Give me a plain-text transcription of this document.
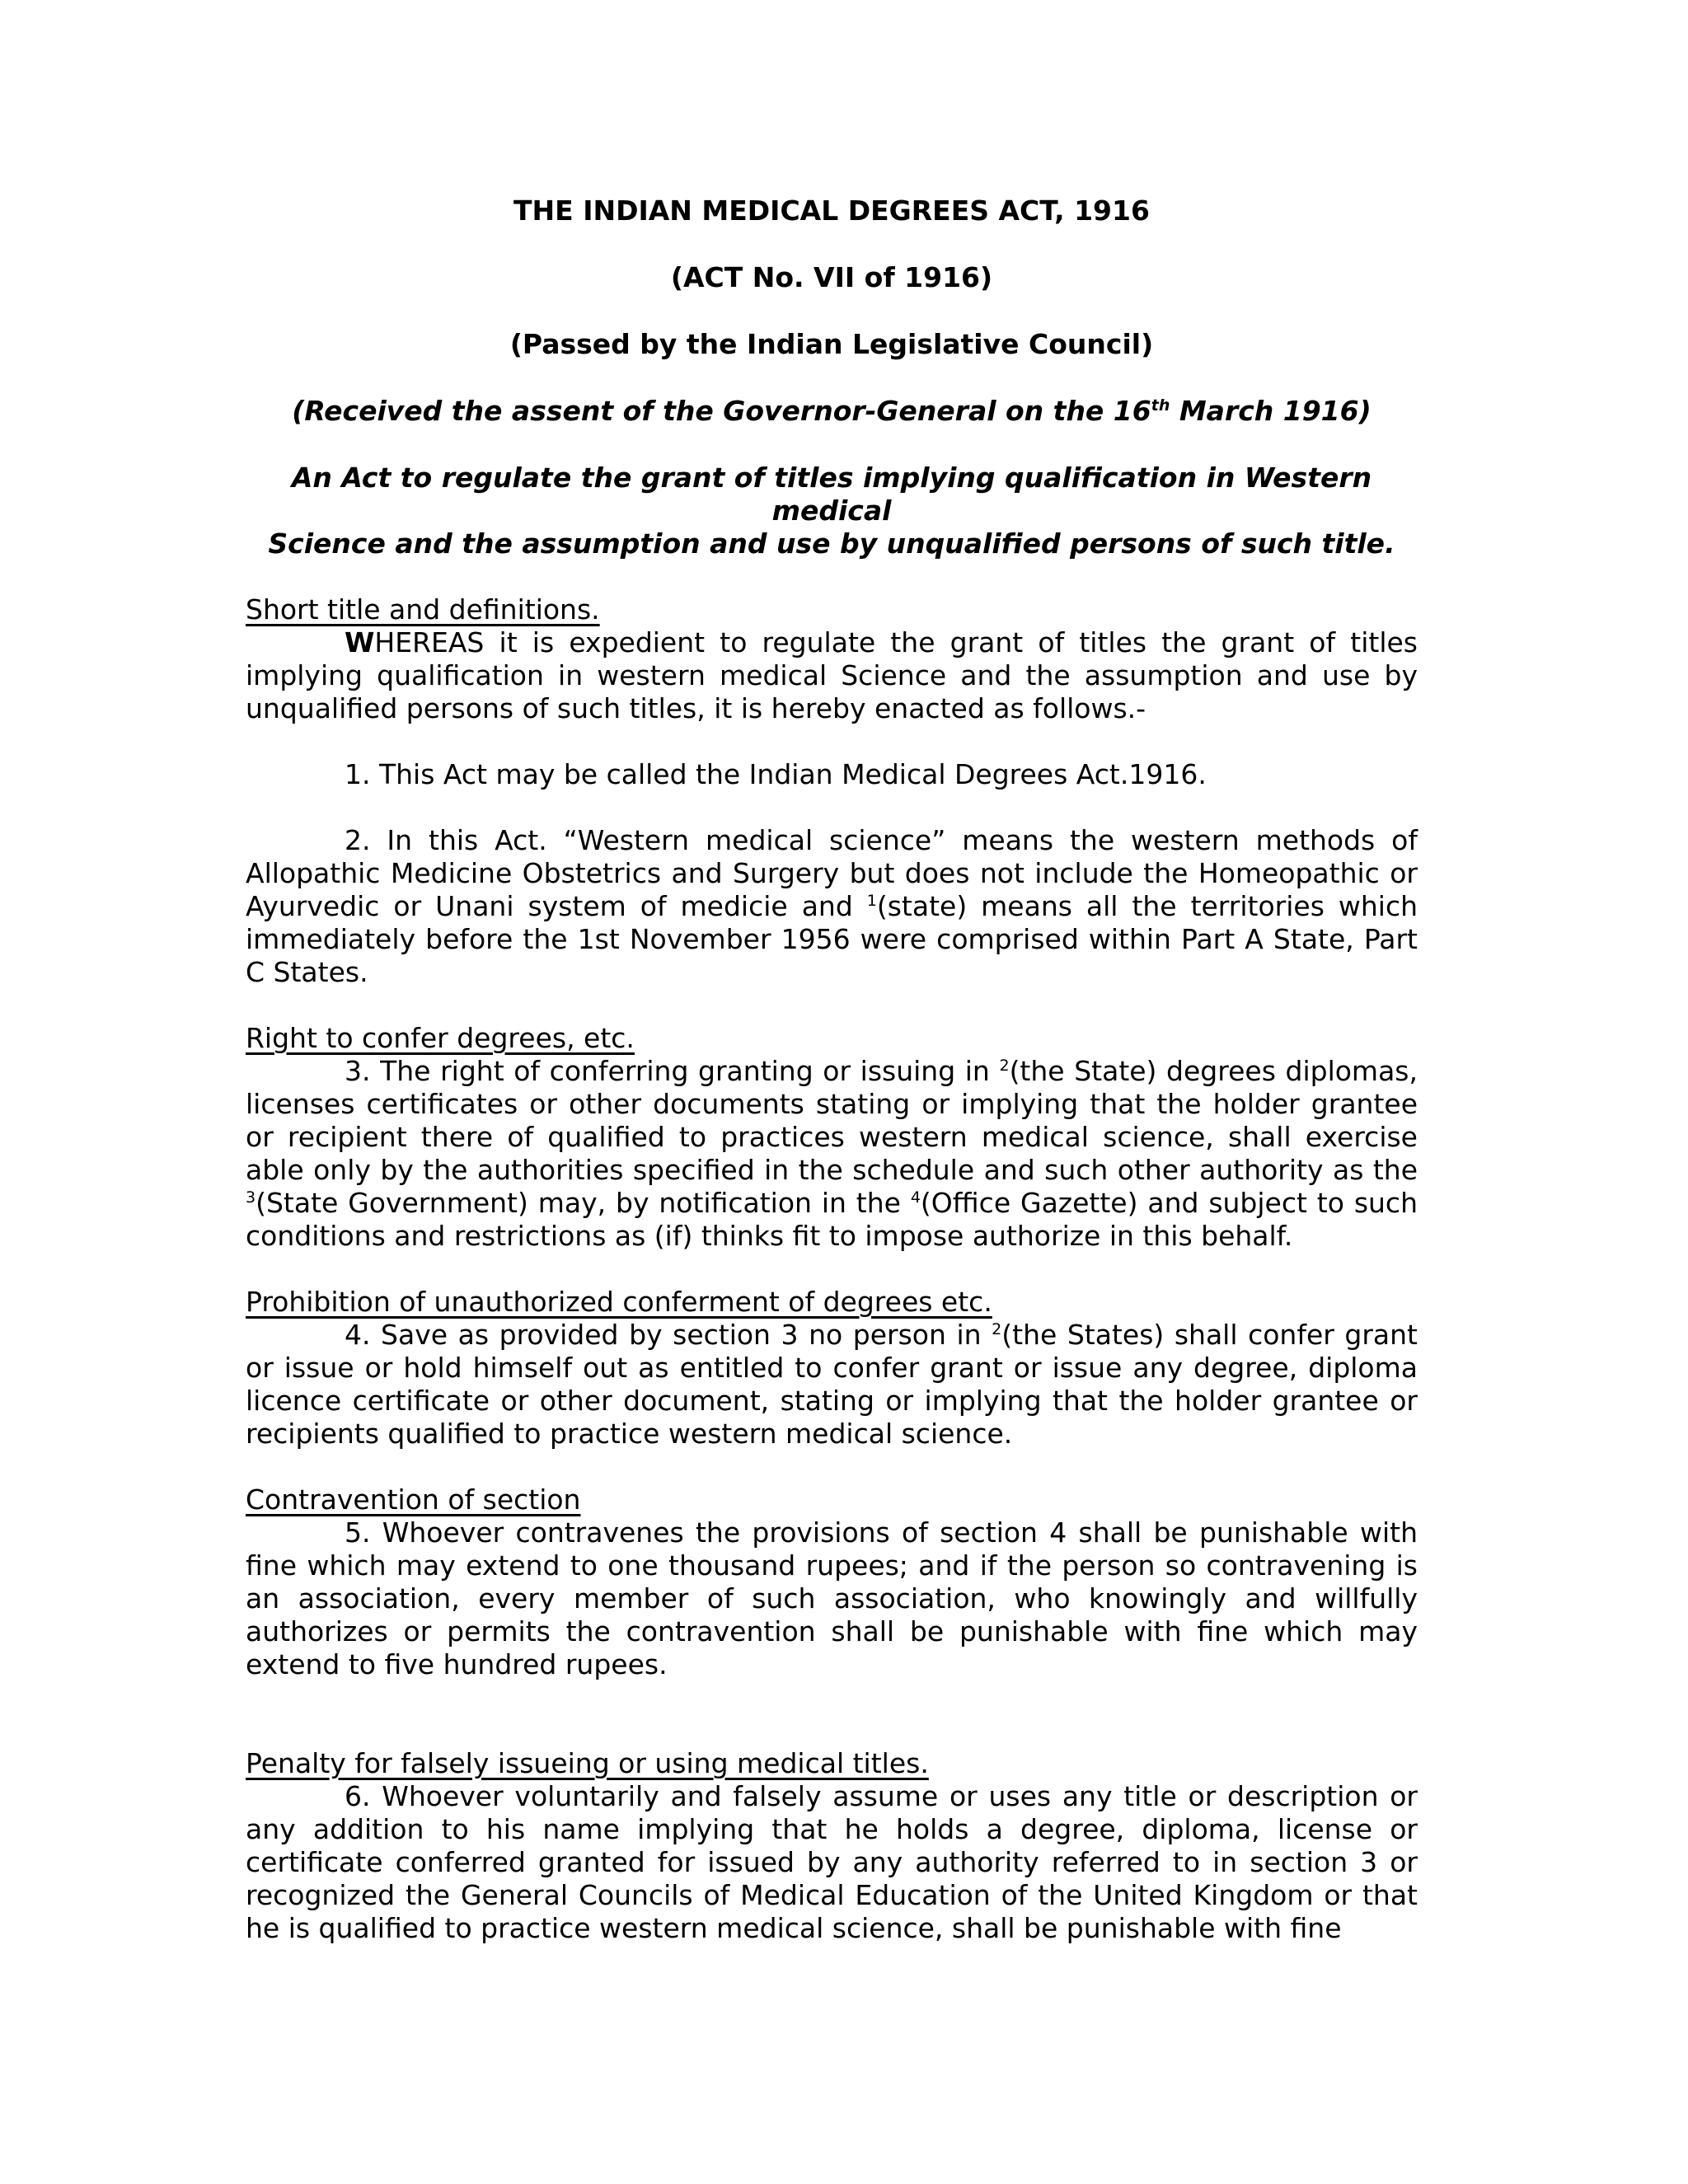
THE INDIAN MEDICAL DEGREES ACT, 1916

(ACT No. VII of 1916)

(Passed by the Indian Legislative Council)

(Received the assent of the Governor-General on the 16th March 1916)

An Act to regulate the grant of titles implying qualification in Western medical

Science and the assumption and use by unqualified persons of such title.

Short title and definitions.

WHEREAS it is expedient to regulate the grant of titles the grant of titles implying qualification in western medical Science and the assumption and use by unqualified persons of such titles, it is hereby enacted as follows.-

1. This Act may be called the Indian Medical Degrees Act.1916.

2. In this Act. “Western medical science” means the western methods of Allopathic Medicine Obstetrics and Surgery but does not include the Homeopathic or Ayurvedic or Unani system of medicie and $^1$(state) means all the territories which immediately before the 1st November 1956 were comprised within Part A State, Part C States.

Right to confer degrees, etc.

3. The right of conferring granting or issuing in $^2$(the State) degrees diplomas, licenses certificates or other documents stating or implying that the holder grantee or recipient there of qualified to practices western medical science, shall exercise able only by the authorities specified in the schedule and such other authority as the $^3$(State Government) may, by notification in the $^4$(Office Gazette) and subject to such conditions and restrictions as (if) thinks fit to impose authorize in this behalf.

Prohibition of unauthorized conferment of degrees etc.

4. Save as provided by section 3 no person in $^2$(the States) shall confer grant or issue or hold himself out as entitled to confer grant or issue any degree, diploma licence certificate or other document, stating or implying that the holder grantee or recipients qualified to practice western medical science.

Contravention of section

5. Whoever contravenes the provisions of section 4 shall be punishable with fine which may extend to one thousand rupees; and if the person so contravening is an association, every member of such association, who knowingly and willfully authorizes or permits the contravention shall be punishable with fine which may extend to five hundred rupees.

Penalty for falsely issueing or using medical titles.

6. Whoever voluntarily and falsely assume or uses any title or description or any addition to his name implying that he holds a degree, diploma, license or certificate conferred granted for issued by any authority referred to in section 3 or recognized the General Councils of Medical Education of the United Kingdom or that he is qualified to practice western medical science, shall be punishable with fine
